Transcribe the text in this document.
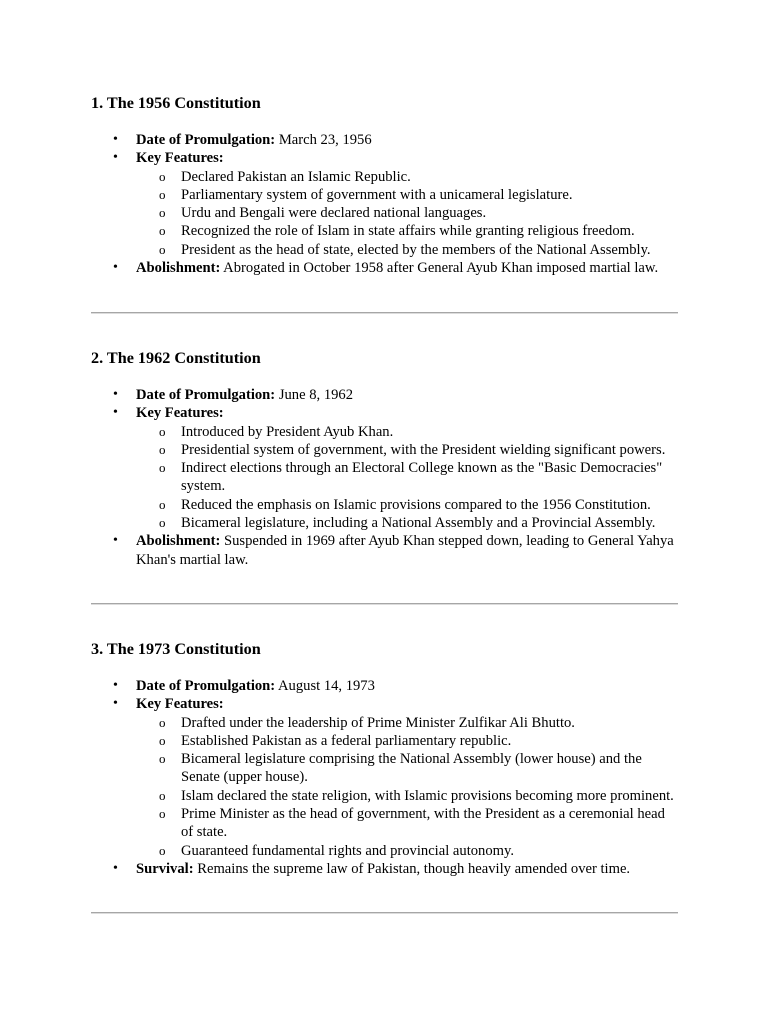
1. The 1956 Constitution
• Date of Promulgation: March 23, 1956
• Key Features:
o Declared Pakistan an Islamic Republic.
o Parliamentary system of government with a unicameral legislature.
o Urdu and Bengali were declared national languages.
o Recognized the role of Islam in state affairs while granting religious freedom.
o President as the head of state, elected by the members of the National Assembly.
• Abolishment: Abrogated in October 1958 after General Ayub Khan imposed martial law.
2. The 1962 Constitution
• Date of Promulgation: June 8, 1962
• Key Features:
o Introduced by President Ayub Khan.
o Presidential system of government, with the President wielding significant powers.
o Indirect elections through an Electoral College known as the "Basic Democracies" system.
o Reduced the emphasis on Islamic provisions compared to the 1956 Constitution.
o Bicameral legislature, including a National Assembly and a Provincial Assembly.
• Abolishment: Suspended in 1969 after Ayub Khan stepped down, leading to General Yahya Khan's martial law.
3. The 1973 Constitution
• Date of Promulgation: August 14, 1973
• Key Features:
o Drafted under the leadership of Prime Minister Zulfikar Ali Bhutto.
o Established Pakistan as a federal parliamentary republic.
o Bicameral legislature comprising the National Assembly (lower house) and the Senate (upper house).
o Islam declared the state religion, with Islamic provisions becoming more prominent.
o Prime Minister as the head of government, with the President as a ceremonial head of state.
o Guaranteed fundamental rights and provincial autonomy.
• Survival: Remains the supreme law of Pakistan, though heavily amended over time.
